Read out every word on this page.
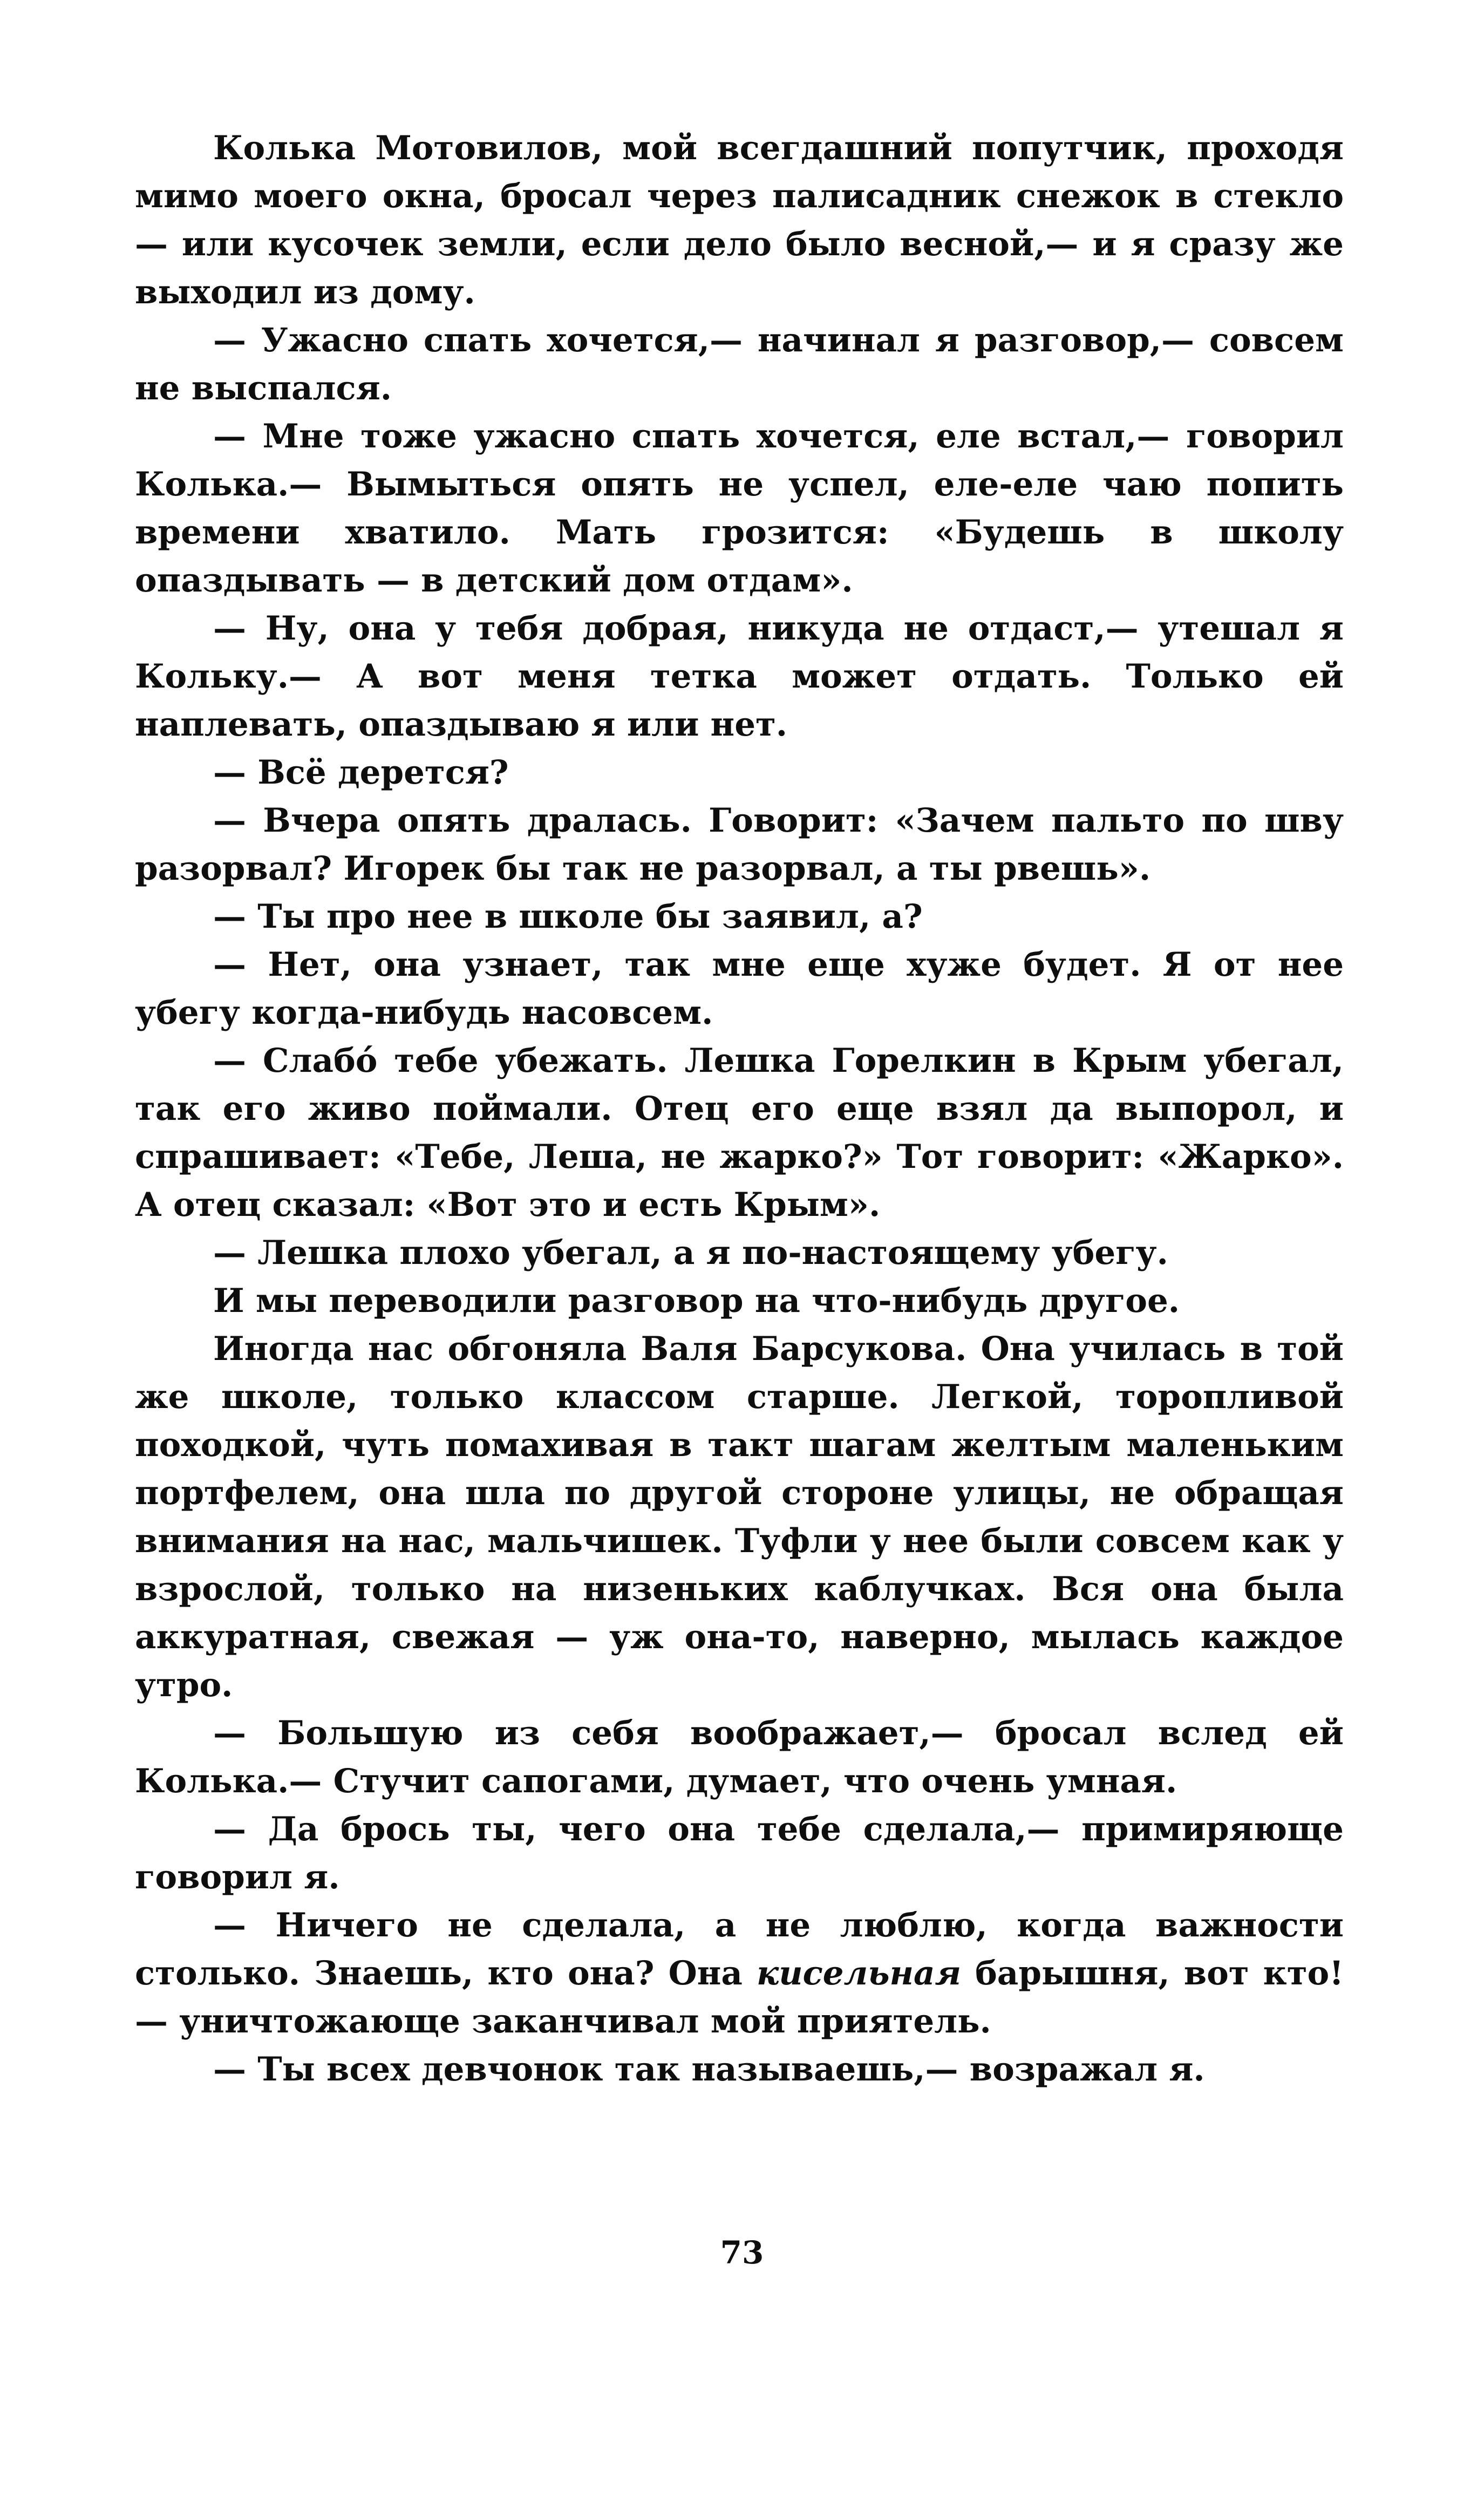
Колька Мотовилов, мой всегдашний попутчик, проходя мимо моего окна, бросал через палисадник снежок в стекло — или кусочек земли, если дело было весной,— и я сразу же выходил из дому.

— Ужасно спать хочется,— начинал я разговор,— совсем не выспался.

— Мне тоже ужасно спать хочется, еле встал,— говорил Колька.— Вымыться опять не успел, еле-еле чаю попить времени хватило. Мать грозится: «Будешь в школу опаздывать — в детский дом отдам».

— Ну, она у тебя добрая, никуда не отдаст,— утешал я Кольку.— А вот меня тетка может отдать. Только ей наплевать, опаздываю я или нет.

— Всё дерется?

— Вчера опять дралась. Говорит: «Зачем пальто по шву разорвал? Игорек бы так не разорвал, а ты рвешь».

— Ты про нее в школе бы заявил, а?

— Нет, она узнает, так мне еще хуже будет. Я от нее убегу когда-нибудь насовсем.

— Слабо́ тебе убежать. Лешка Горелкин в Крым убегал, так его живо поймали. Отец его еще взял да выпорол, и спрашивает: «Тебе, Леша, не жарко?» Тот говорит: «Жарко». А отец сказал: «Вот это и есть Крым».

— Лешка плохо убегал, а я по-настоящему убегу.

И мы переводили разговор на что-нибудь другое.

Иногда нас обгоняла Валя Барсукова. Она училась в той же школе, только классом старше. Легкой, торопливой походкой, чуть помахивая в такт шагам желтым маленьким портфелем, она шла по другой стороне улицы, не обращая внимания на нас, мальчишек. Туфли у нее были совсем как у взрослой, только на низеньких каблучках. Вся она была аккуратная, свежая — уж она-то, наверно, мылась каждое утро.

— Большую из себя воображает,— бросал вслед ей Колька.— Стучит сапогами, думает, что очень умная.

— Да брось ты, чего она тебе сделала,— примиряюще говорил я.

— Ничего не сделала, а не люблю, когда важности столько. Знаешь, кто она? Она кисельная барышня, вот кто! — уничтожающе заканчивал мой приятель.

— Ты всех девчонок так называешь,— возражал я.

73
